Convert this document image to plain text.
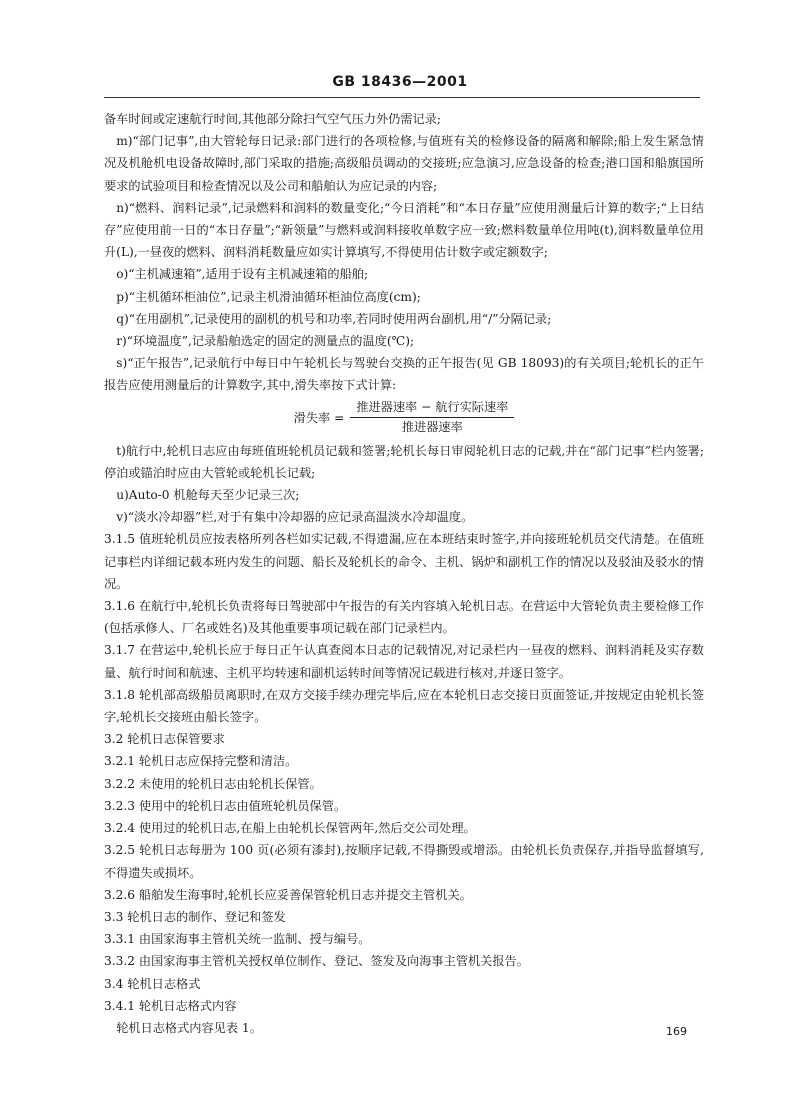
GB 18436—2001

备车时间或定速航行时间,其他部分除扫气空气压力外仍需记录;

m)“部门记事”,由大管轮每日记录:部门进行的各项检修,与值班有关的检修设备的隔离和解除;船上发生紧急情况及机舱机电设备故障时,部门采取的措施;高级船员调动的交接班;应急演习,应急设备的检查;港口国和船旗国所要求的试验项目和检查情况以及公司和船舶认为应记录的内容;

n)“燃料、润料记录”,记录燃料和润料的数量变化;“今日消耗”和“本日存量”应使用测量后计算的数字;“上日结存”应使用前一日的“本日存量”;“新领量”与燃料或润料接收单数字应一致;燃料数量单位用吨(t),润料数量单位用升(L),一昼夜的燃料、润料消耗数量应如实计算填写,不得使用估计数字或定额数字;

o)“主机减速箱”,适用于设有主机减速箱的船舶;

p)“主机循环柜油位”,记录主机滑油循环柜油位高度(cm);

q)“在用副机”,记录使用的副机的机号和功率,若同时使用两台副机,用“/”分隔记录;

r)“环境温度”,记录船舶选定的固定的测量点的温度(℃);

s)“正午报告”,记录航行中每日中午轮机长与驾驶台交换的正午报告(见 GB 18093)的有关项目;轮机长的正午报告应使用测量后的计算数字,其中,滑失率按下式计算:

滑失率 = $\frac{\text{推进器速率 − 航行实际速率}}{\text{推进器速率}}$

t)航行中,轮机日志应由每班值班轮机员记载和签署;轮机长每日审阅轮机日志的记载,并在“部门记事”栏内签署;停泊或锚泊时应由大管轮或轮机长记载;

u)Auto-0 机舱每天至少记录三次;

v)“淡水冷却器”栏,对于有集中冷却器的应记录高温淡水冷却温度。

3.1.5 值班轮机员应按表格所列各栏如实记载,不得遗漏,应在本班结束时签字,并向接班轮机员交代清楚。在值班记事栏内详细记载本班内发生的问题、船长及轮机长的命令、主机、锅炉和副机工作的情况以及驳油及驳水的情况。

3.1.6 在航行中,轮机长负责将每日驾驶部中午报告的有关内容填入轮机日志。在营运中大管轮负责主要检修工作(包括承修人、厂名或姓名)及其他重要事项记载在部门记录栏内。

3.1.7 在营运中,轮机长应于每日正午认真查阅本日志的记载情况,对记录栏内一昼夜的燃料、润料消耗及实存数量、航行时间和航速、主机平均转速和副机运转时间等情况记载进行核对,并逐日签字。

3.1.8 轮机部高级船员离职时,在双方交接手续办理完毕后,应在本轮机日志交接日页面签证,并按规定由轮机长签字,轮机长交接班由船长签字。

3.2 轮机日志保管要求

3.2.1 轮机日志应保持完整和清洁。

3.2.2 未使用的轮机日志由轮机长保管。

3.2.3 使用中的轮机日志由值班轮机员保管。

3.2.4 使用过的轮机日志,在船上由轮机长保管两年,然后交公司处理。

3.2.5 轮机日志每册为 100 页(必须有漆封),按顺序记载,不得撕毁或增添。由轮机长负责保存,并指导监督填写,不得遗失或损坏。

3.2.6 船舶发生海事时,轮机长应妥善保管轮机日志并提交主管机关。

3.3 轮机日志的制作、登记和签发

3.3.1 由国家海事主管机关统一监制、授与编号。

3.3.2 由国家海事主管机关授权单位制作、登记、签发及向海事主管机关报告。

3.4 轮机日志格式

3.4.1 轮机日志格式内容

轮机日志格式内容见表 1。	169
